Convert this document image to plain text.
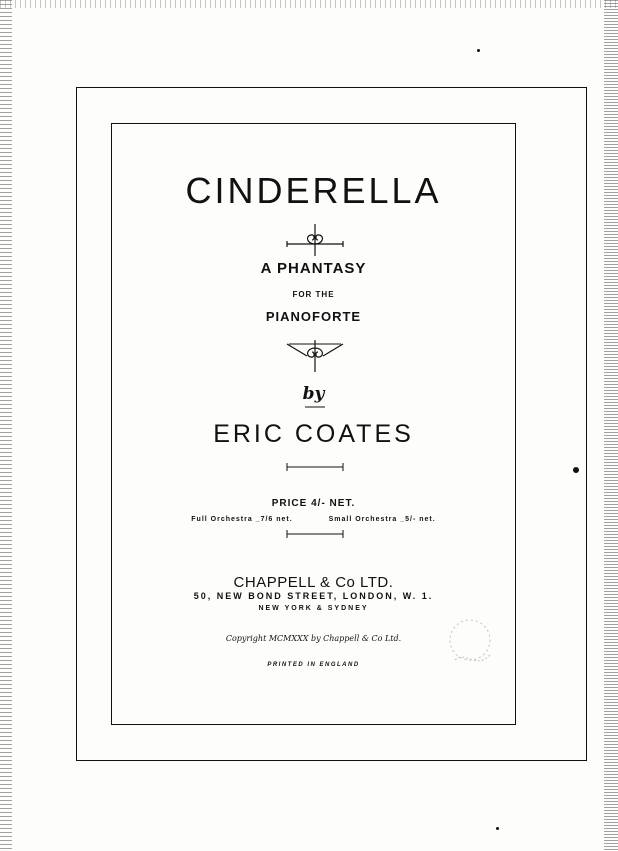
CINDERELLA
A PHANTASY
FOR THE
PIANOFORTE
by
ERIC COATES
PRICE 4/- NET.
Full Orchestra _7/6 net.	Small Orchestra _5/- net.
CHAPPELL & Co LTD.
50, NEW BOND STREET, LONDON, W. 1.
NEW YORK & SYDNEY
Copyright MCMXXX by Chappell & Co Ltd.
PRINTED IN ENGLAND
